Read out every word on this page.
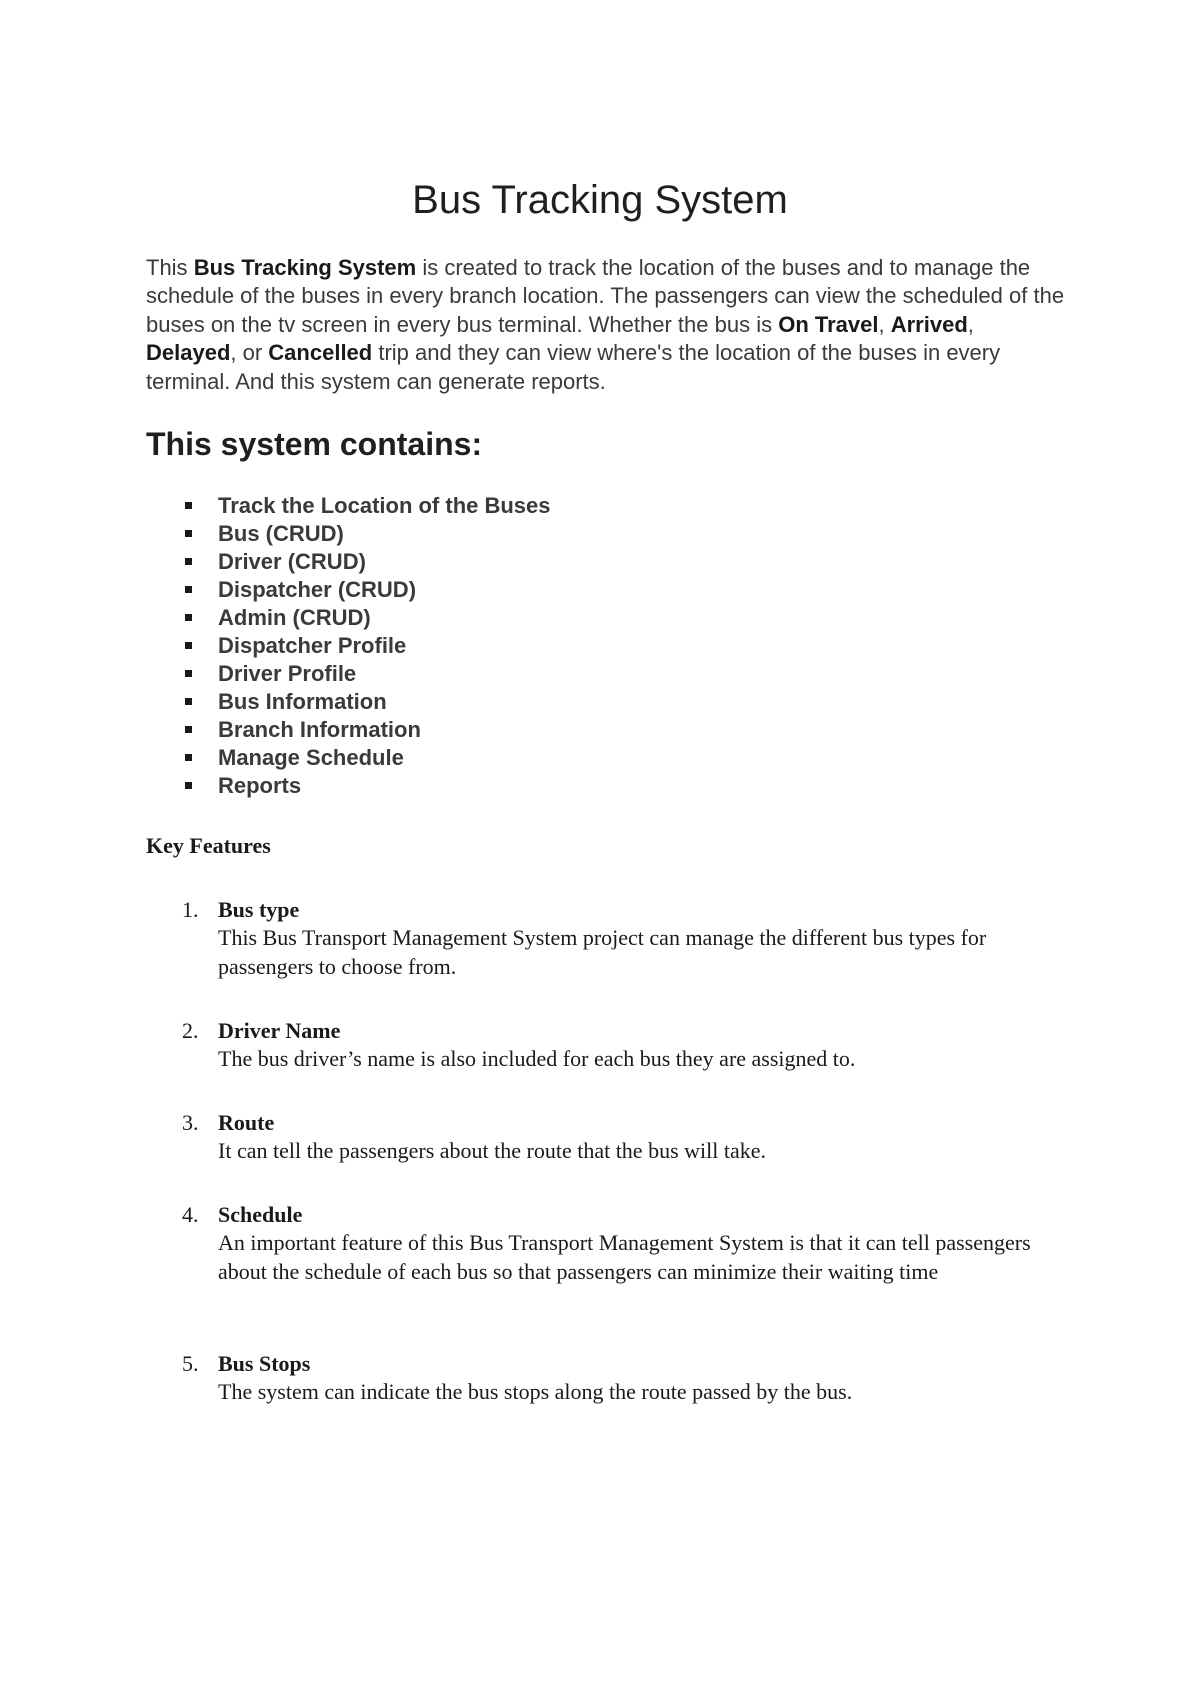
Bus Tracking System

This Bus Tracking System is created to track the location of the buses and to manage the schedule of the buses in every branch location. The passengers can view the scheduled of the buses on the tv screen in every bus terminal. Whether the bus is On Travel, Arrived, Delayed, or Cancelled trip and they can view where's the location of the buses in every terminal. And this system can generate reports.

This system contains:
Track the Location of the Buses
Bus (CRUD)
Driver (CRUD)
Dispatcher (CRUD)
Admin (CRUD)
Dispatcher Profile
Driver Profile
Bus Information
Branch Information
Manage Schedule
Reports
Key Features
1. Bus type
This Bus Transport Management System project can manage the different bus types for passengers to choose from.
2. Driver Name
The bus driver’s name is also included for each bus they are assigned to.
3. Route
It can tell the passengers about the route that the bus will take.
4. Schedule
An important feature of this Bus Transport Management System is that it can tell passengers about the schedule of each bus so that passengers can minimize their waiting time
5. Bus Stops
The system can indicate the bus stops along the route passed by the bus.
